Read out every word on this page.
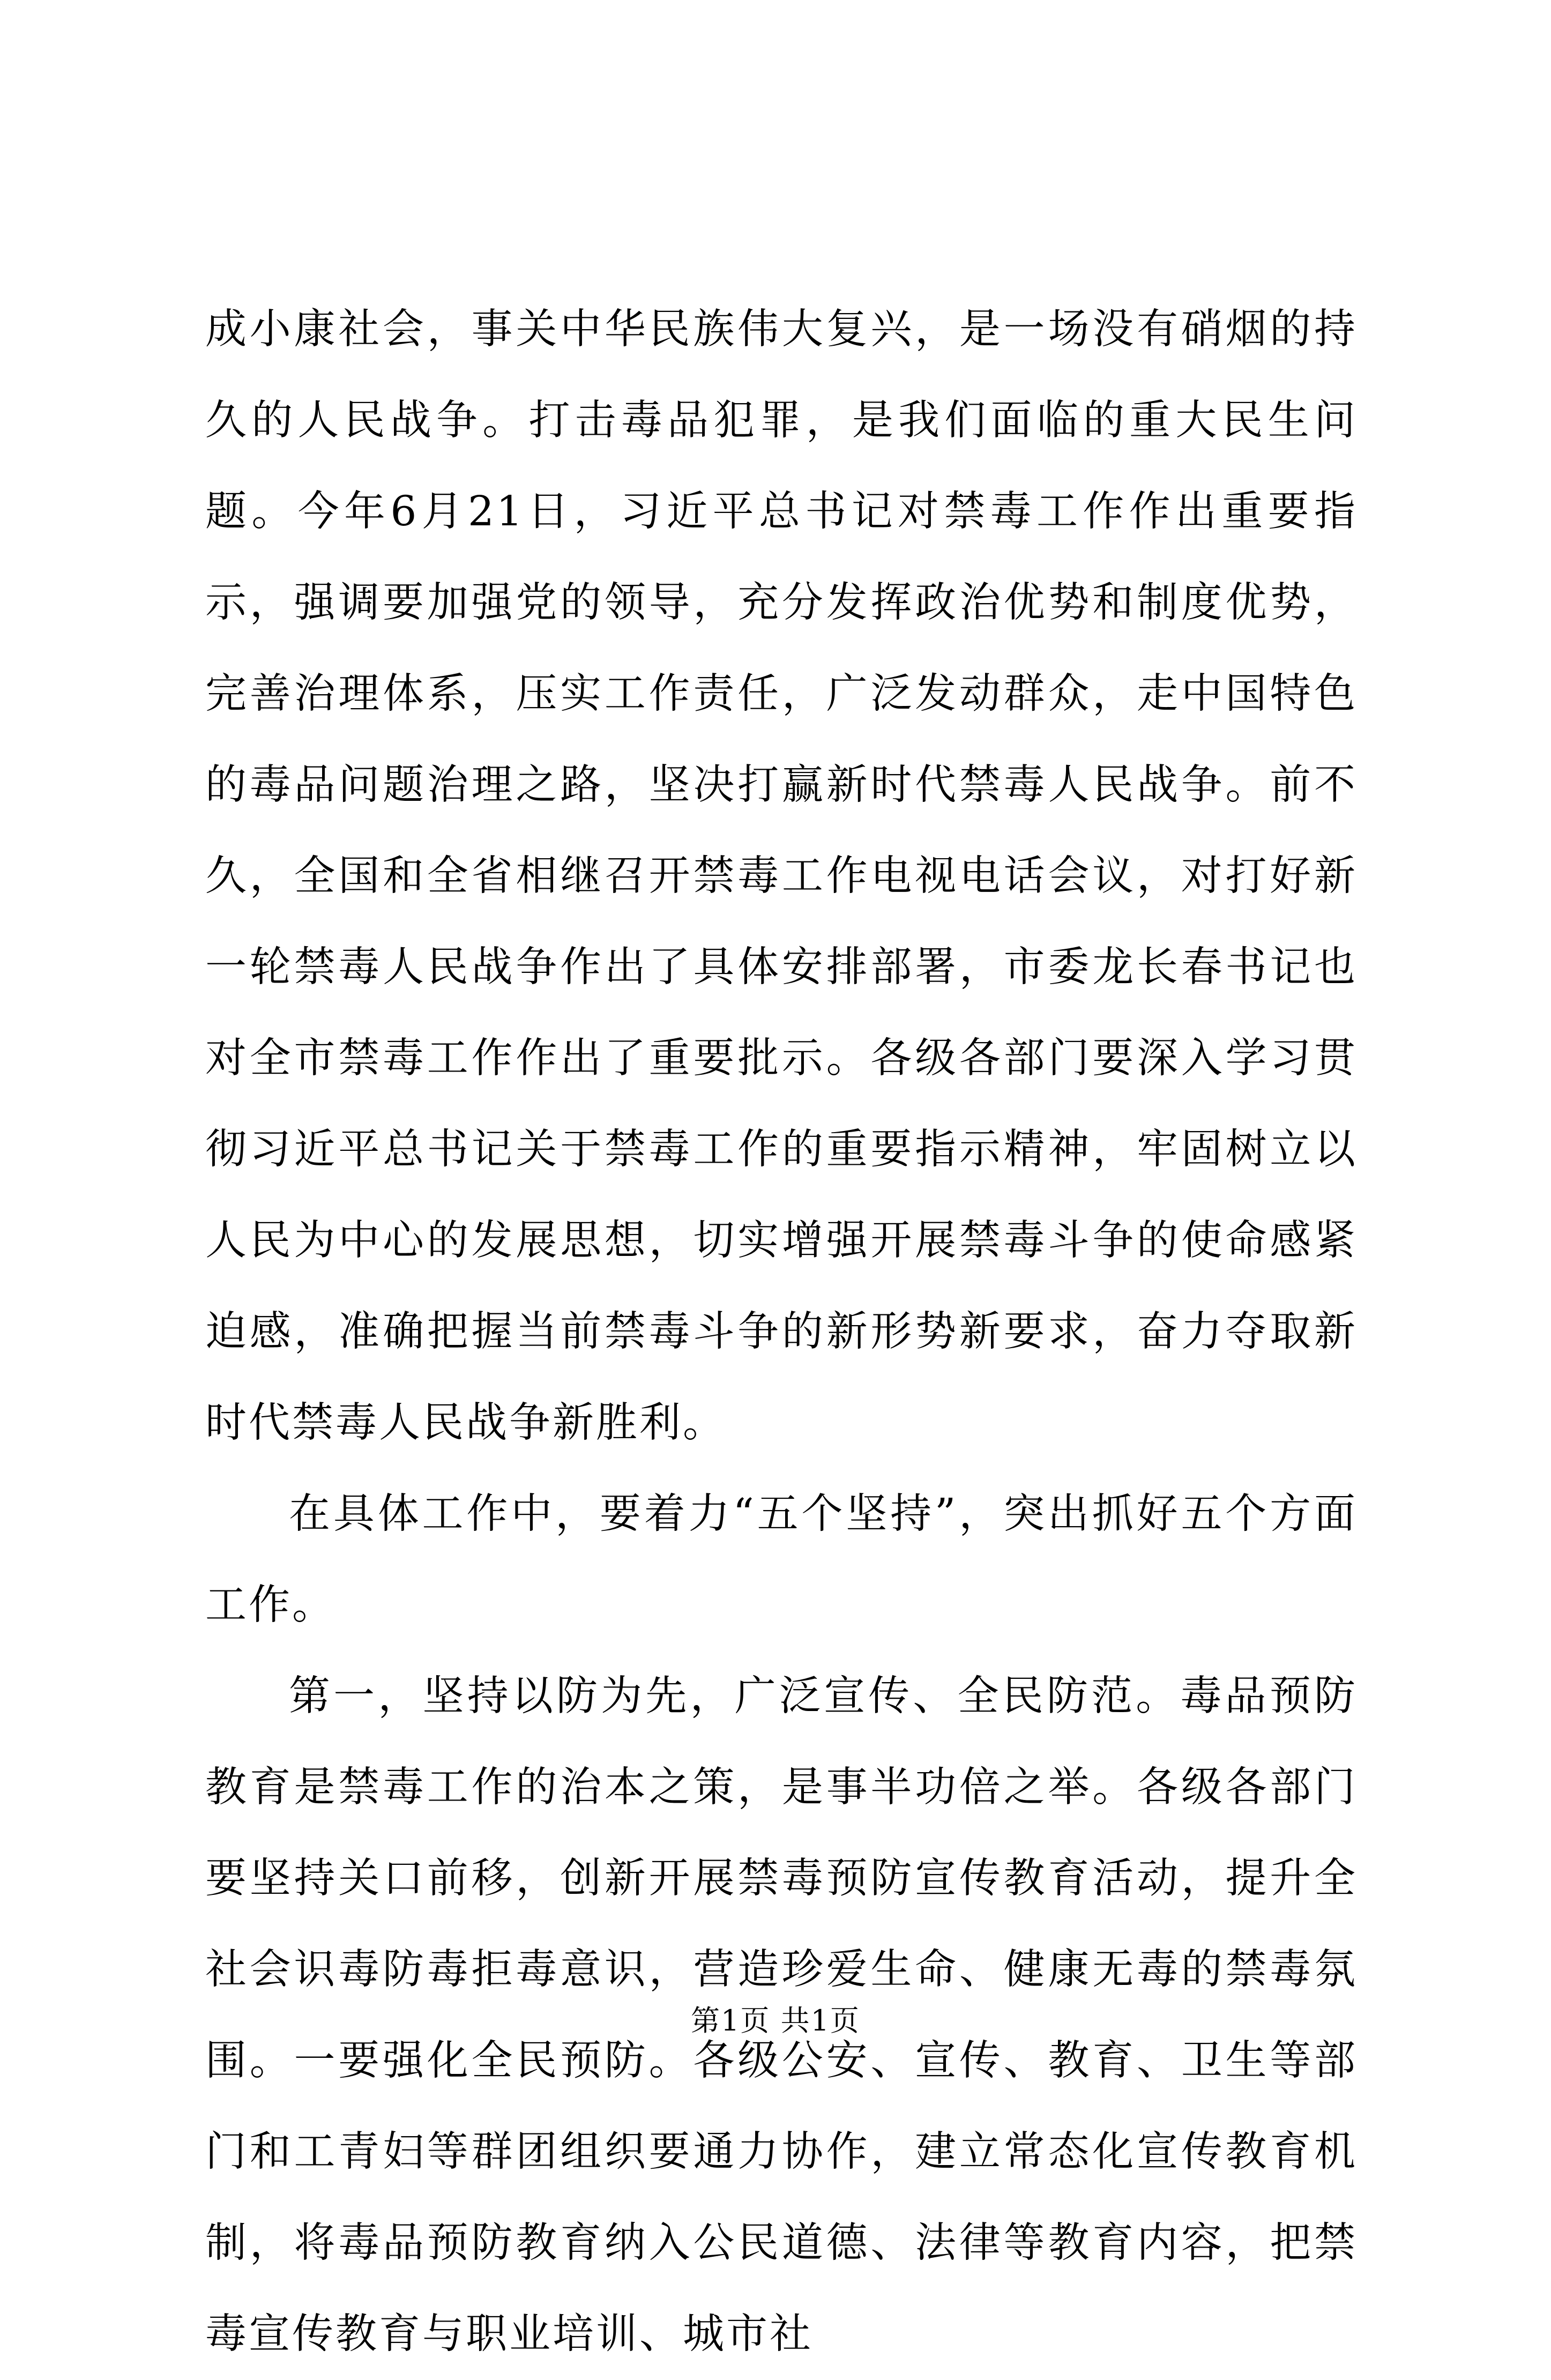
成小康社会，事关中华民族伟大复兴，是一场没有硝烟的持久的人民战争。打击毒品犯罪，是我们面临的重大民生问题。今年6月21日，习近平总书记对禁毒工作作出重要指示，强调要加强党的领导，充分发挥政治优势和制度优势，完善治理体系，压实工作责任，广泛发动群众，走中国特色的毒品问题治理之路，坚决打赢新时代禁毒人民战争。前不久，全国和全省相继召开禁毒工作电视电话会议，对打好新一轮禁毒人民战争作出了具体安排部署，市委龙长春书记也对全市禁毒工作作出了重要批示。各级各部门要深入学习贯彻习近平总书记关于禁毒工作的重要指示精神，牢固树立以人民为中心的发展思想，切实增强开展禁毒斗争的使命感紧迫感，准确把握当前禁毒斗争的新形势新要求，奋力夺取新时代禁毒人民战争新胜利。

在具体工作中，要着力“五个坚持”，突出抓好五个方面工作。

第一，坚持以防为先，广泛宣传、全民防范。毒品预防教育是禁毒工作的治本之策，是事半功倍之举。各级各部门要坚持关口前移，创新开展禁毒预防宣传教育活动，提升全社会识毒防毒拒毒意识，营造珍爱生命、健康无毒的禁毒氛围。一要强化全民预防。各级公安、宣传、教育、卫生等部门和工青妇等群团组织要通力协作，建立常态化宣传教育机制，将毒品预防教育纳入公民道德、法律等教育内容，把禁毒宣传教育与职业培训、城市社

第1页 共1页
